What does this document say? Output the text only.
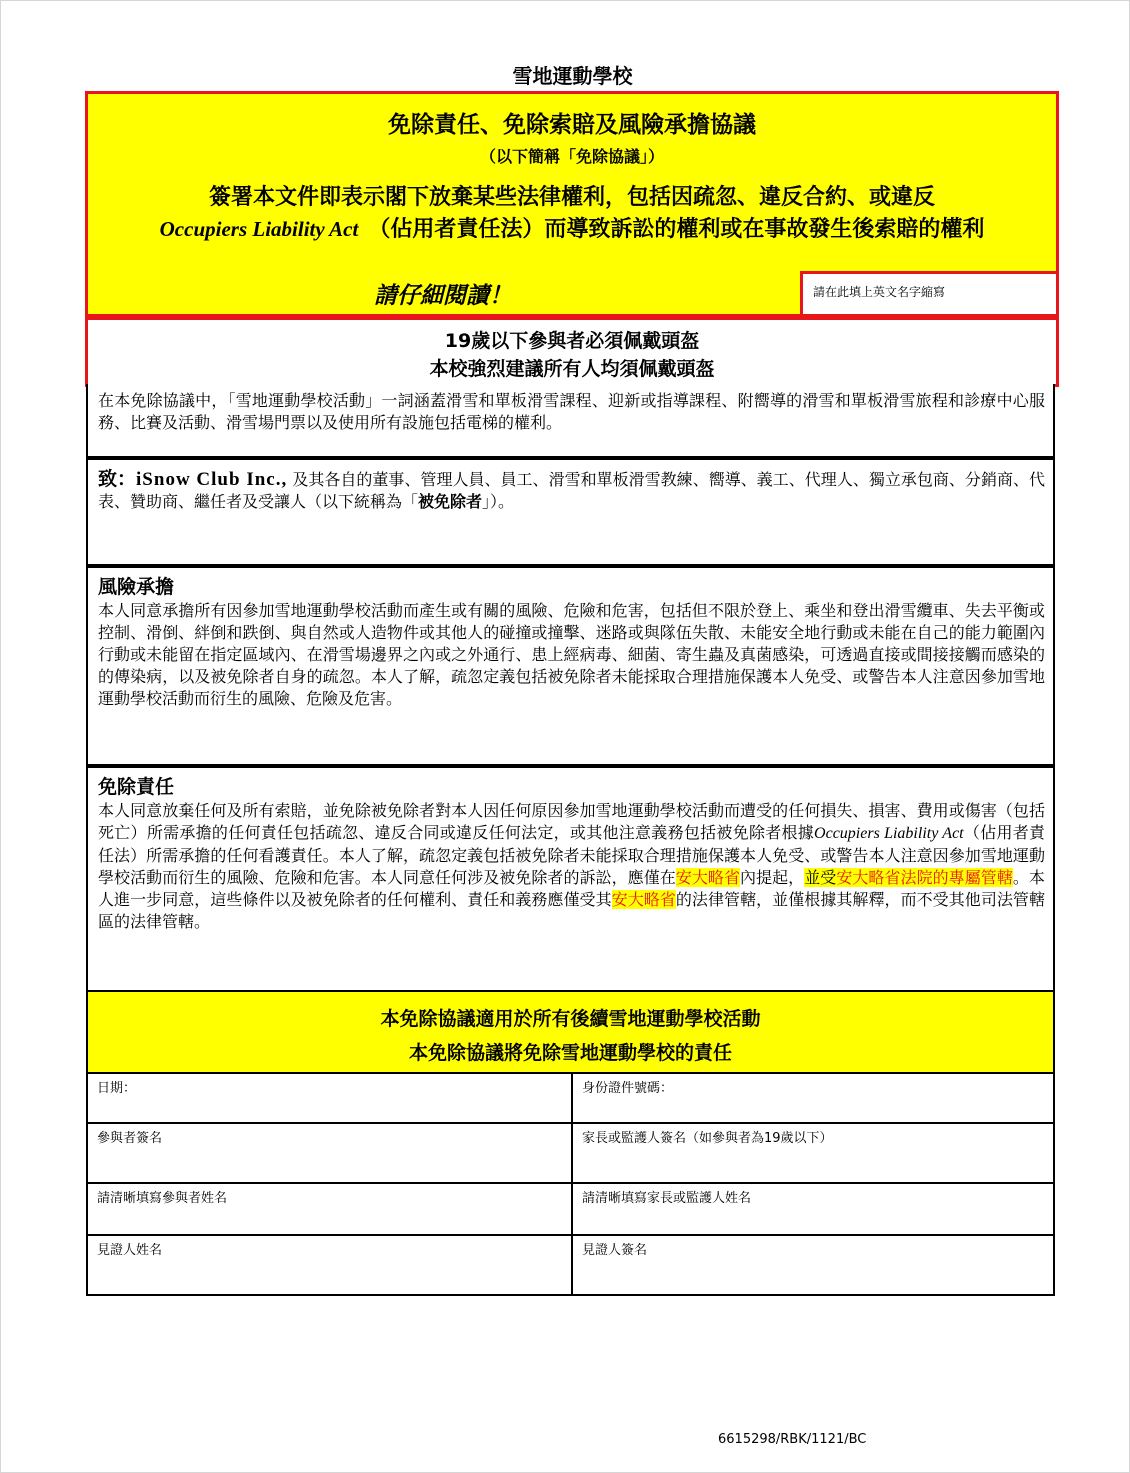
雪地運動學校
免除責任、免除索賠及風險承擔協議
（以下簡稱「免除協議」）
簽署本文件即表示閣下放棄某些法律權利，包括因疏忽、違反合約、或違反
Occupiers Liability Act （佔用者責任法）而導致訴訟的權利或在事故發生後索賠的權利
請仔細閱讀！	請在此填上英文名字縮寫
19歲以下參與者必須佩戴頭盔
本校強烈建議所有人均須佩戴頭盔
在本免除協議中，「雪地運動學校活動」一詞涵蓋滑雪和單板滑雪課程、迎新或指導課程、附嚮導的滑雪和單板滑雪旅程和診療中心服務、比賽及活動、滑雪場門票以及使用所有設施包括電梯的權利。
致：iSnow Club Inc., 及其各自的董事、管理人員、員工、滑雪和單板滑雪教練、嚮導、義工、代理人、獨立承包商、分銷商、代表、贊助商、繼任者及受讓人（以下統稱為「被免除者」）。
風險承擔
本人同意承擔所有因參加雪地運動學校活動而產生或有關的風險、危險和危害，包括但不限於登上、乘坐和登出滑雪纜車、失去平衡或控制、滑倒、絆倒和跌倒、與自然或人造物件或其他人的碰撞或撞擊、迷路或與隊伍失散、未能安全地行動或未能在自己的能力範圍內行動或未能留在指定區域內、在滑雪場邊界之內或之外通行、患上經病毒、細菌、寄生蟲及真菌感染，可透過直接或間接接觸而感染的的傳染病，以及被免除者自身的疏忽。本人了解，疏忽定義包括被免除者未能採取合理措施保護本人免受、或警告本人注意因參加雪地運動學校活動而衍生的風險、危險及危害。
免除責任
本人同意放棄任何及所有索賠，並免除被免除者對本人因任何原因參加雪地運動學校活動而遭受的任何損失、損害、費用或傷害（包括死亡）所需承擔的任何責任包括疏忽、違反合同或違反任何法定，或其他注意義務包括被免除者根據Occupiers Liability Act（佔用者責任法）所需承擔的任何看護責任。本人了解，疏忽定義包括被免除者未能採取合理措施保護本人免受、或警告本人注意因參加雪地運動學校活動而衍生的風險、危險和危害。本人同意任何涉及被免除者的訴訟，應僅在安大略省內提起，並受安大略省法院的專屬管轄。本人進一步同意，這些條件以及被免除者的任何權利、責任和義務應僅受其安大略省的法律管轄，並僅根據其解釋，而不受其他司法管轄區的法律管轄。
本免除協議適用於所有後續雪地運動學校活動
本免除協議將免除雪地運動學校的責任
日期：	身份證件號碼：
參與者簽名	家長或監護人簽名（如參與者為19歲以下）
請清晰填寫參與者姓名	請清晰填寫家長或監護人姓名
見證人姓名	見證人簽名
6615298/RBK/1121/BC
